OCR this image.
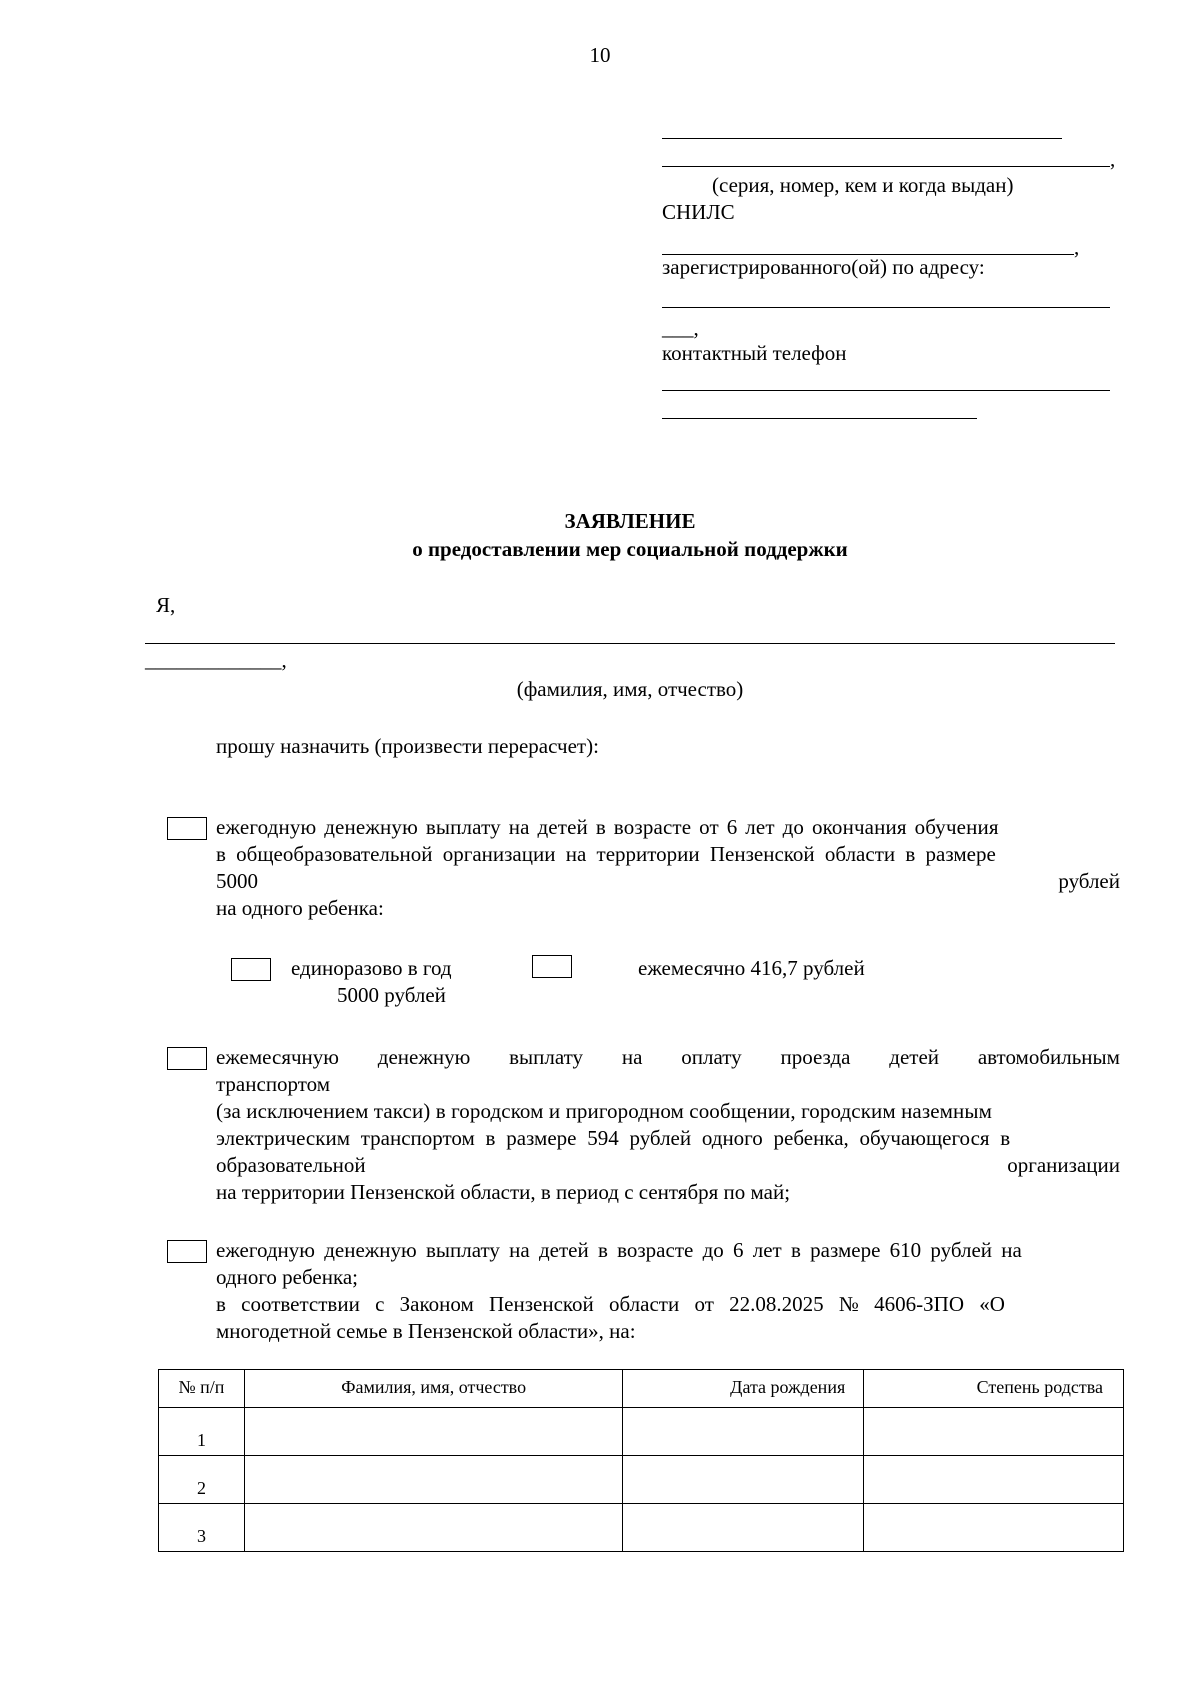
10
,
(серия, номер, кем и когда выдан)
СНИЛС
,
зарегистрированного(ой) по адресу:
___,
контактный телефон
ЗАЯВЛЕНИЕ
о предоставлении мер социальной поддержки
Я,
_____________,
(фамилия, имя, отчество)
прошу назначить (произвести перерасчет):
ежегодную денежную выплату на детей в возрасте от 6 лет до окончания обучения
в общеобразовательной организации на территории Пензенской области в размере
5000	рублей
на одного ребенка:
единоразово в год
5000 рублей
ежемесячно 416,7 рублей
ежемесячную денежную выплату на оплату проезда детей автомобильным
транспортом
(за исключением такси) в городском и пригородном сообщении, городским наземным
электрическим транспортом в размере 594 рублей одного ребенка, обучающегося в
образовательной	организации
на территории Пензенской области, в период с сентября по май;
ежегодную денежную выплату на детей в возрасте до 6 лет в размере 610 рублей на
одного ребенка;
в соответствии с Законом Пензенской области от 22.08.2025 № 4606-ЗПО «О
многодетной семье в Пензенской области», на:
№ п/п	Фамилия, имя, отчество	Дата рождения	Степень родства
1			
2			
3			
